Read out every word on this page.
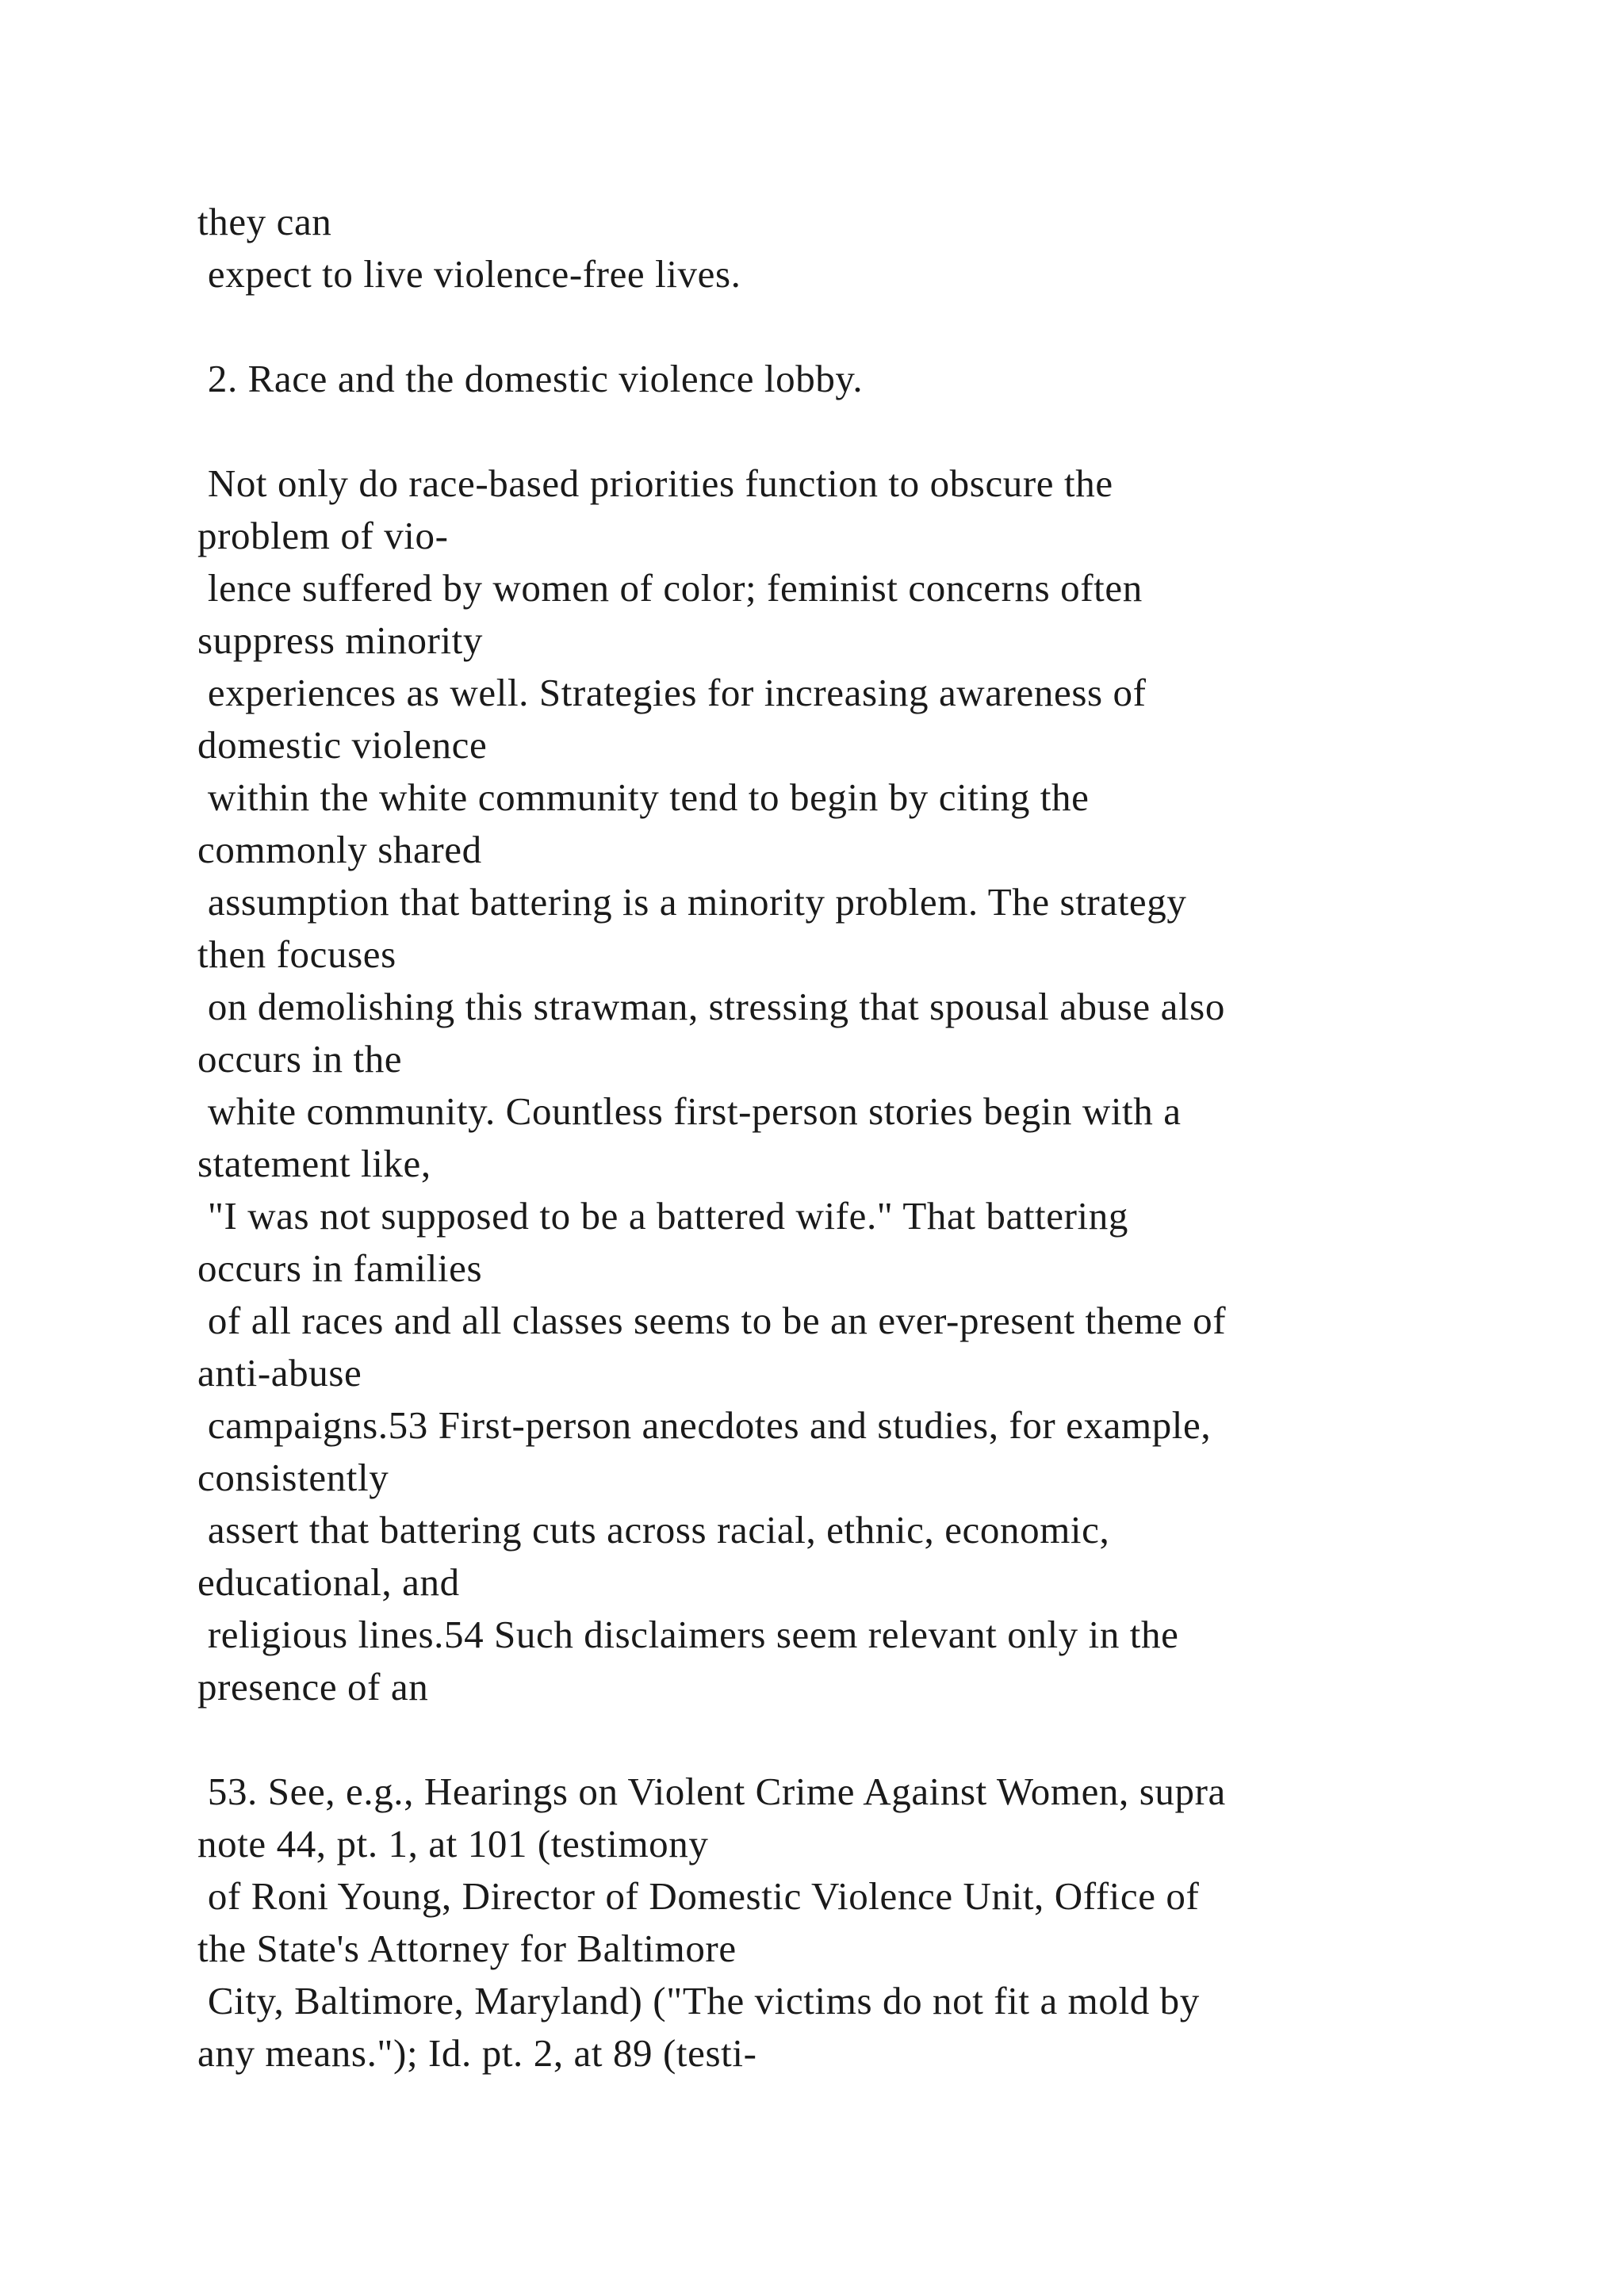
they can
expect to live violence-free lives.
2. Race and the domestic violence lobby.
Not only do race-based priorities function to obscure the
problem of vio-
lence suffered by women of color; feminist concerns often
suppress minority
experiences as well. Strategies for increasing awareness of
domestic violence
within the white community tend to begin by citing the
commonly shared
assumption that battering is a minority problem. The strategy
then focuses
on demolishing this strawman, stressing that spousal abuse also
occurs in the
white community. Countless first-person stories begin with a
statement like,
"I was not supposed to be a battered wife." That battering
occurs in families
of all races and all classes seems to be an ever-present theme of
anti-abuse
campaigns.53 First-person anecdotes and studies, for example,
consistently
assert that battering cuts across racial, ethnic, economic,
educational, and
religious lines.54 Such disclaimers seem relevant only in the
presence of an
53. See, e.g., Hearings on Violent Crime Against Women, supra
note 44, pt. 1, at 101 (testimony
of Roni Young, Director of Domestic Violence Unit, Office of
the State's Attorney for Baltimore
City, Baltimore, Maryland) ("The victims do not fit a mold by
any means."); Id. pt. 2, at 89 (testi-
